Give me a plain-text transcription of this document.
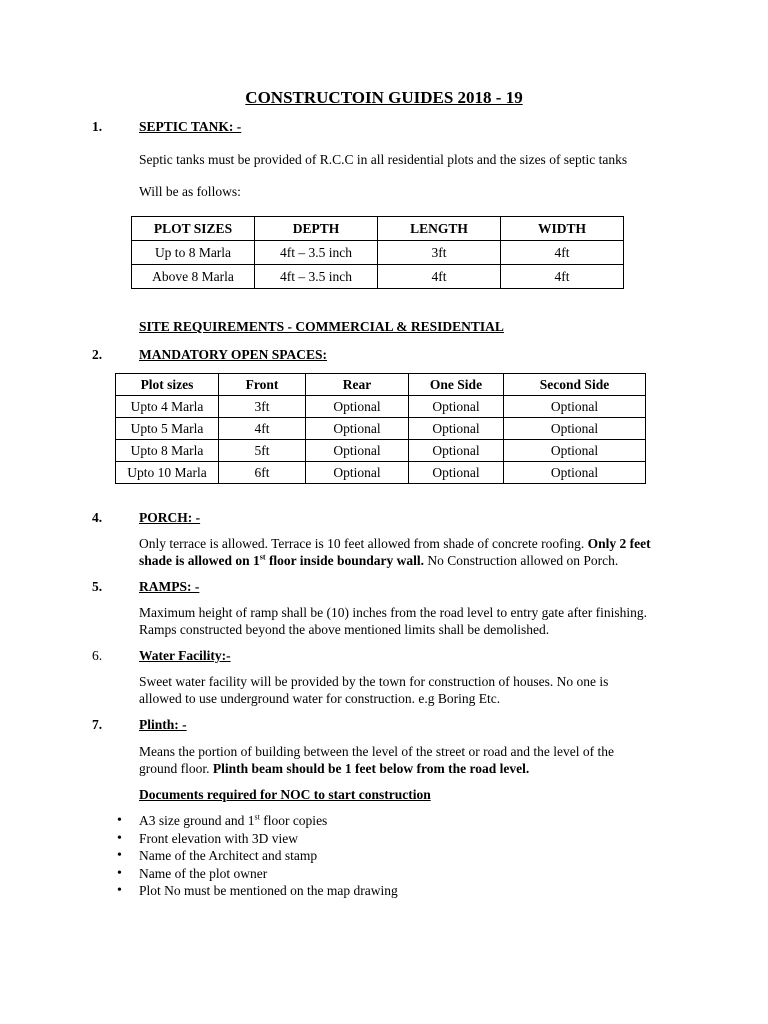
CONSTRUCTOIN GUIDES 2018 - 19
1.	SEPTIC TANK: -
Septic tanks must be provided of R.C.C in all residential plots and the sizes of septic tanks
Will be as follows:
PLOT SIZES	DEPTH	LENGTH	WIDTH
Up to 8 Marla	4ft – 3.5 inch	3ft	4ft
Above 8 Marla	4ft – 3.5 inch	4ft	4ft
SITE REQUIREMENTS - COMMERCIAL & RESIDENTIAL
2.	MANDATORY OPEN SPACES:
Plot sizes	Front	Rear	One Side	Second Side
Upto 4 Marla	3ft	Optional	Optional	Optional
Upto 5 Marla	4ft	Optional	Optional	Optional
Upto 8 Marla	5ft	Optional	Optional	Optional
Upto 10 Marla	6ft	Optional	Optional	Optional
4.	PORCH: -
Only terrace is allowed. Terrace is 10 feet allowed from shade of concrete roofing. Only 2 feet shade is allowed on 1st floor inside boundary wall. No Construction allowed on Porch.
5.	RAMPS: -
Maximum height of ramp shall be (10) inches from the road level to entry gate after finishing.
Ramps constructed beyond the above mentioned limits shall be demolished.
6.	Water Facility:-
Sweet water facility will be provided by the town for construction of houses. No one is
allowed to use underground water for construction. e.g Boring Etc.
7.	Plinth: -
Means the portion of building between the level of the street or road and the level of the
ground floor. Plinth beam should be 1 feet below from the road level.
Documents required for NOC to start construction
• A3 size ground and 1st floor copies
• Front elevation with 3D view
• Name of the Architect and stamp
• Name of the plot owner
• Plot No must be mentioned on the map drawing
